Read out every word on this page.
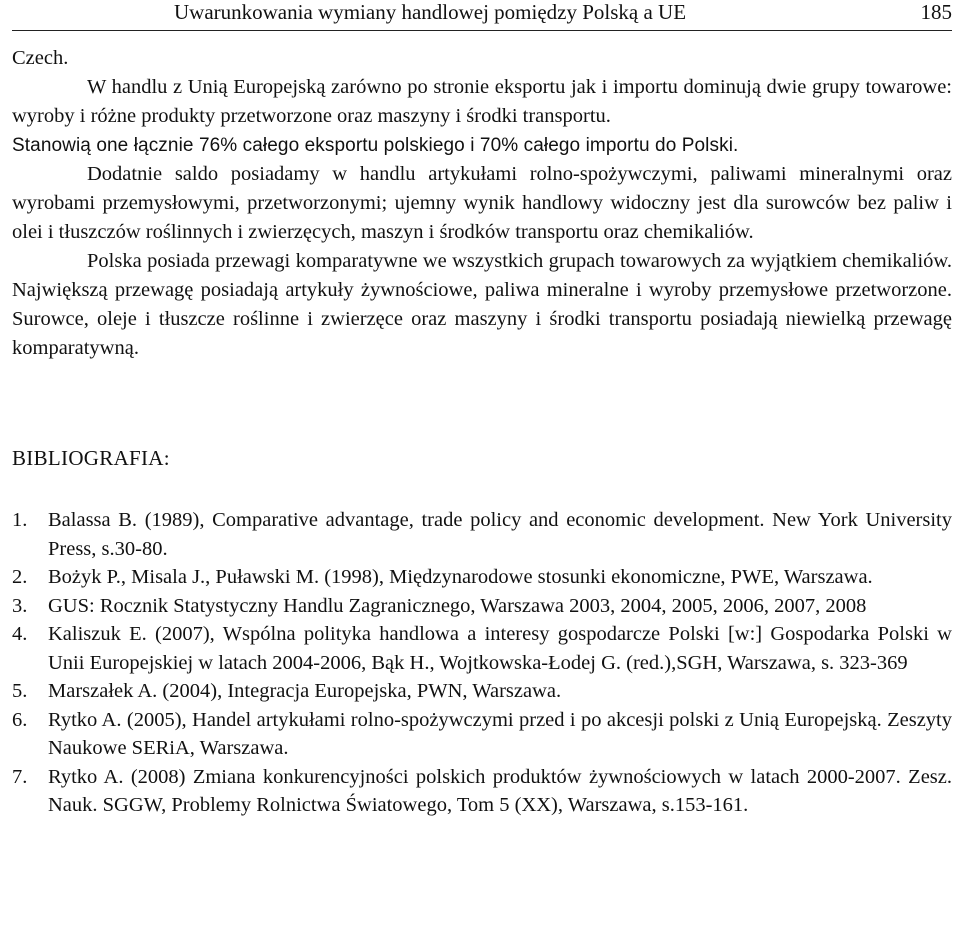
Uwarunkowania wymiany handlowej pomiędzy Polską a UE	185

Czech.

W handlu z Unią Europejską zarówno po stronie eksportu jak i importu dominują dwie grupy towarowe: wyroby i różne produkty przetworzone oraz maszyny i środki transportu.

Stanowią one łącznie 76% całego eksportu polskiego i 70% całego importu do Polski.

Dodatnie saldo posiadamy w handlu artykułami rolno-spożywczymi, paliwami mineralnymi oraz wyrobami przemysłowymi, przetworzonymi; ujemny wynik handlowy widoczny jest dla surowców bez paliw i olei i tłuszczów roślinnych i zwierzęcych, maszyn i środków transportu oraz chemikaliów.

Polska posiada przewagi komparatywne we wszystkich grupach towarowych za wyjątkiem chemikaliów. Największą przewagę posiadają artykuły żywnościowe, paliwa mineralne i wyroby przemysłowe przetworzone. Surowce, oleje i tłuszcze roślinne i zwierzęce oraz maszyny i środki transportu posiadają niewielką przewagę komparatywną.

BIBLIOGRAFIA:
1. Balassa B. (1989), Comparative advantage, trade policy and economic development. New York University Press, s.30-80.
2. Bożyk P., Misala J., Puławski M. (1998), Międzynarodowe stosunki ekonomiczne, PWE, Warszawa.
3. GUS: Rocznik Statystyczny Handlu Zagranicznego, Warszawa 2003, 2004, 2005, 2006, 2007, 2008
4. Kaliszuk E. (2007), Wspólna polityka handlowa a interesy gospodarcze Polski [w:] Gospodarka Polski w Unii Europejskiej w latach 2004-2006, Bąk H., Wojtkowska-Łodej G. (red.),SGH, Warszawa, s. 323-369
5. Marszałek A. (2004), Integracja Europejska, PWN, Warszawa.
6. Rytko A. (2005), Handel artykułami rolno-spożywczymi przed i po akcesji polski z Unią Europejską. Zeszyty Naukowe SERiA, Warszawa.
7. Rytko A. (2008) Zmiana konkurencyjności polskich produktów żywnościowych w latach 2000-2007. Zesz. Nauk. SGGW, Problemy Rolnictwa Światowego, Tom 5 (XX), Warszawa, s.153-161.
